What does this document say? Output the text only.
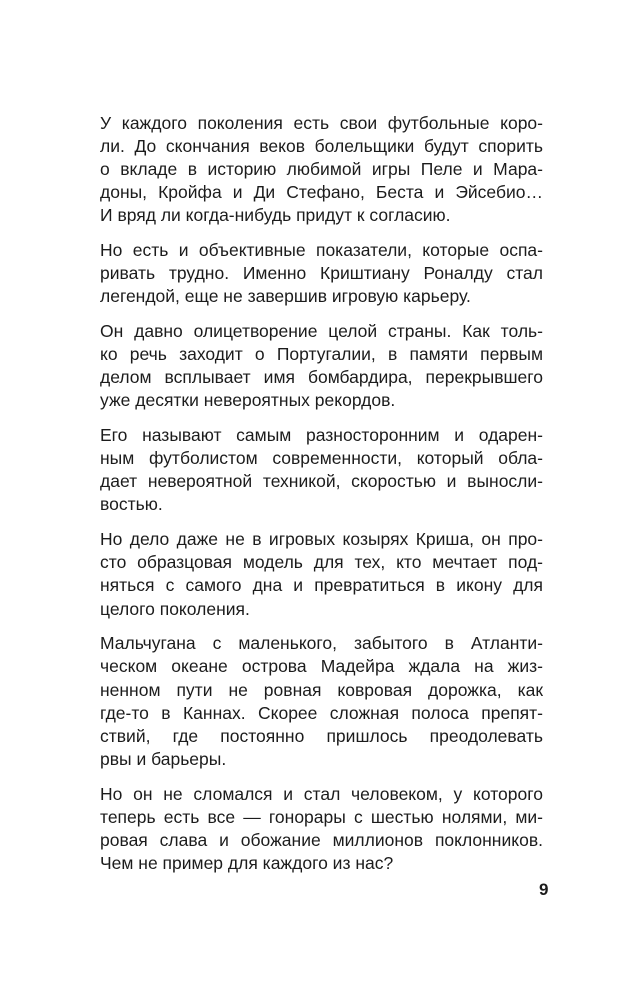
У каждого поколения есть свои футбольные коро-
ли. До скончания веков болельщики будут спорить
о вкладе в историю любимой игры Пеле и Мара-
доны, Кройфа и Ди Стефано, Беста и Эйсебио…
И вряд ли когда-нибудь придут к согласию.
Но есть и объективные показатели, которые оспа-
ривать трудно. Именно Криштиану Роналду стал
легендой, еще не завершив игровую карьеру.
Он давно олицетворение целой страны. Как толь-
ко речь заходит о Португалии, в памяти первым
делом всплывает имя бомбардира, перекрывшего
уже десятки невероятных рекордов.
Его называют самым разносторонним и одарен-
ным футболистом современности, который обла-
дает невероятной техникой, скоростью и выносли-
востью.
Но дело даже не в игровых козырях Криша, он про-
сто образцовая модель для тех, кто мечтает под-
няться с самого дна и превратиться в икону для
целого поколения.
Мальчугана с маленького, забытого в Атланти-
ческом океане острова Мадейра ждала на жиз-
ненном пути не ровная ковровая дорожка, как
где-то в Каннах. Скорее сложная полоса препят-
ствий, где постоянно пришлось преодолевать
рвы и барьеры.
Но он не сломался и стал человеком, у которого
теперь есть все — гонорары с шестью нолями, ми-
ровая слава и обожание миллионов поклонников.
Чем не пример для каждого из нас?
9
